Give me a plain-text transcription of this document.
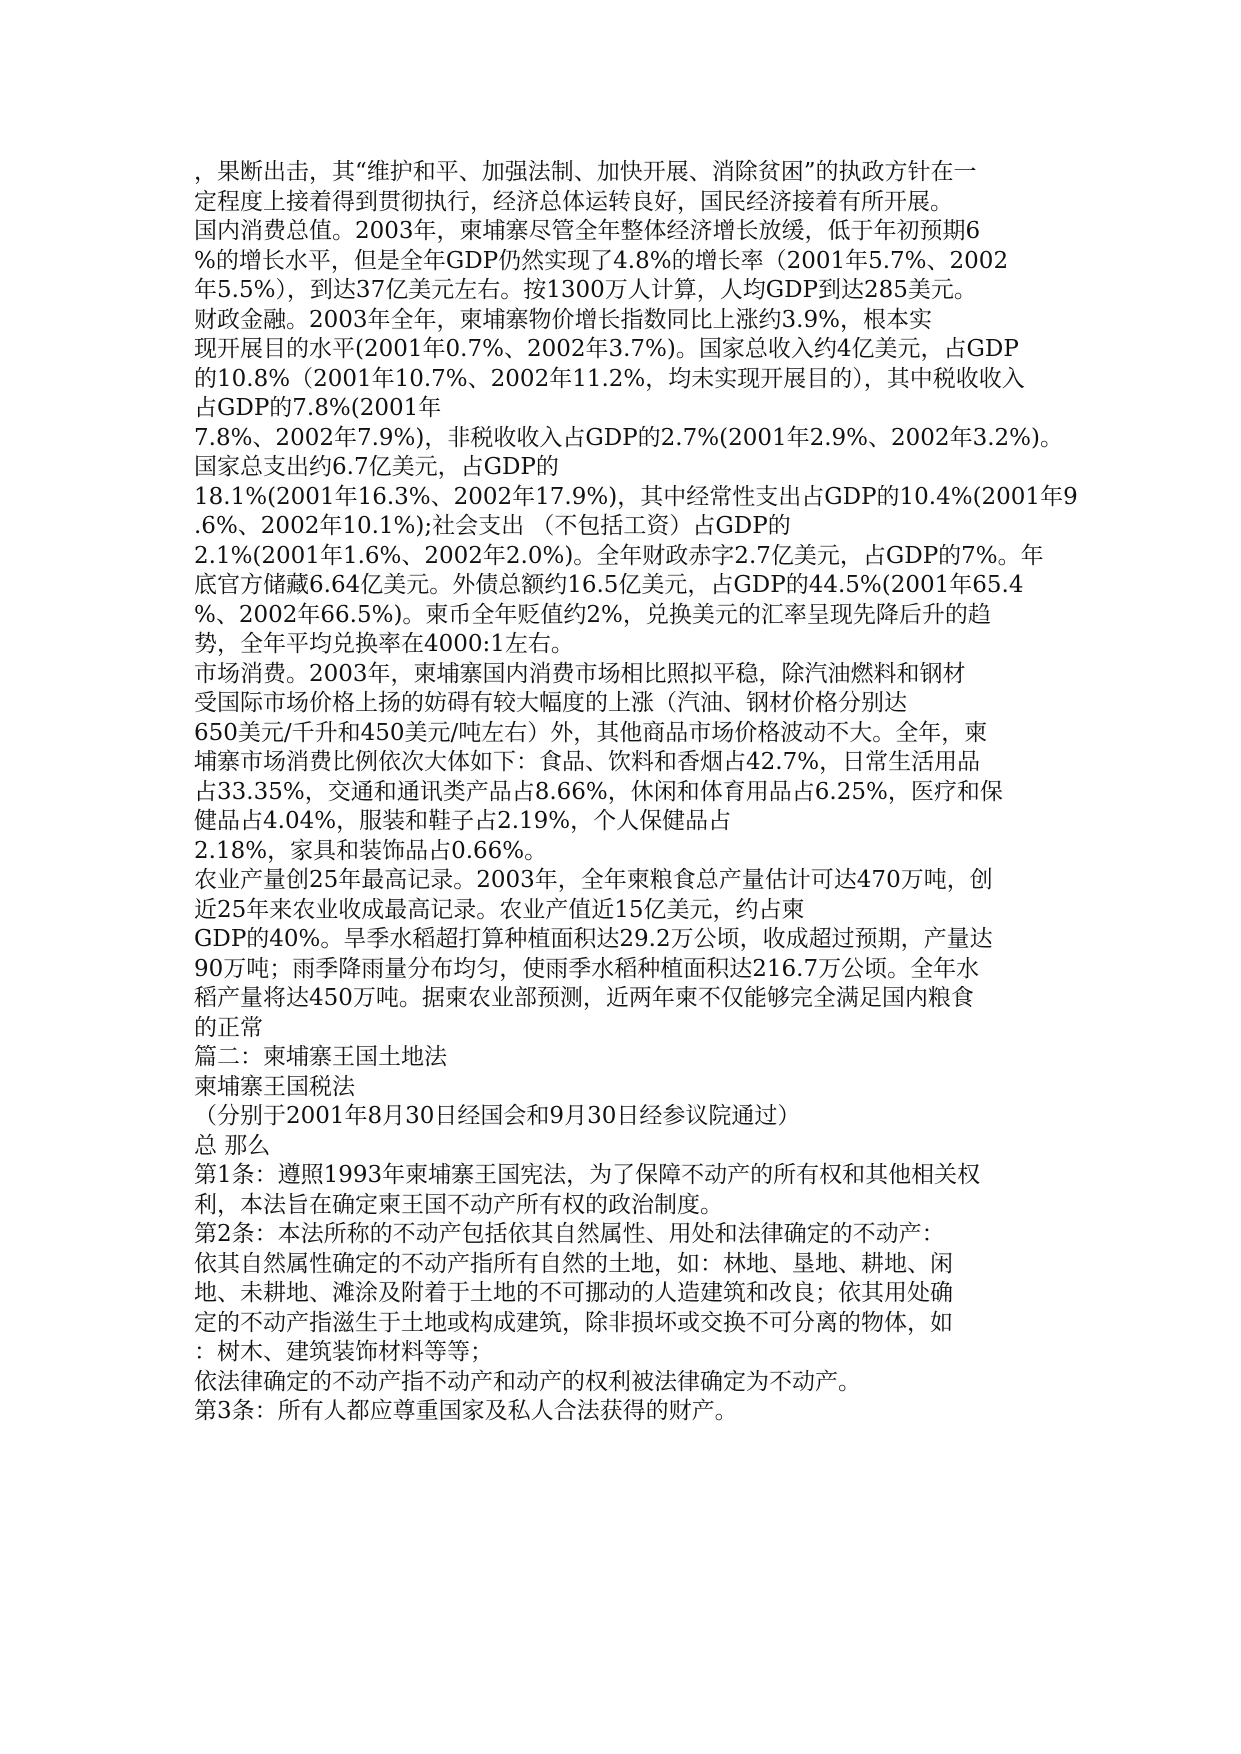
，果断出击，其“维护和平、加强法制、加快开展、消除贫困”的执政方针在一
定程度上接着得到贯彻执行，经济总体运转良好，国民经济接着有所开展。
国内消费总值。2003年，柬埔寨尽管全年整体经济增长放缓，低于年初预期6
%的增长水平，但是全年GDP仍然实现了4.8%的增长率（2001年5.7%、2002
年5.5%），到达37亿美元左右。按1300万人计算，人均GDP到达285美元。
财政金融。2003年全年，柬埔寨物价增长指数同比上涨约3.9%，根本实
现开展目的水平(2001年0.7%、2002年3.7%)。国家总收入约4亿美元，占GDP
的10.8%（2001年10.7%、2002年11.2%，均未实现开展目的），其中税收收入
占GDP的7.8%(2001年
7.8%、2002年7.9%)，非税收收入占GDP的2.7%(2001年2.9%、2002年3.2%)。
国家总支出约6.7亿美元，占GDP的
18.1%(2001年16.3%、2002年17.9%)，其中经常性支出占GDP的10.4%(2001年9
.6%、2002年10.1%);社会支出 （不包括工资）占GDP的
2.1%(2001年1.6%、2002年2.0%)。全年财政赤字2.7亿美元，占GDP的7%。年
底官方储藏6.64亿美元。外债总额约16.5亿美元，占GDP的44.5%(2001年65.4
%、2002年66.5%)。柬币全年贬值约2%，兑换美元的汇率呈现先降后升的趋
势，全年平均兑换率在4000:1左右。
市场消费。2003年，柬埔寨国内消费市场相比照拟平稳，除汽油燃料和钢材
受国际市场价格上扬的妨碍有较大幅度的上涨（汽油、钢材价格分别达
650美元/千升和450美元/吨左右）外，其他商品市场价格波动不大。全年，柬
埔寨市场消费比例依次大体如下：食品、饮料和香烟占42.7%，日常生活用品
占33.35%，交通和通讯类产品占8.66%，休闲和体育用品占6.25%，医疗和保
健品占4.04%，服装和鞋子占2.19%，个人保健品占
2.18%，家具和装饰品占0.66%。
农业产量创25年最高记录。2003年，全年柬粮食总产量估计可达470万吨，创
近25年来农业收成最高记录。农业产值近15亿美元，约占柬
GDP的40%。旱季水稻超打算种植面积达29.2万公顷，收成超过预期，产量达
90万吨；雨季降雨量分布均匀，使雨季水稻种植面积达216.7万公顷。全年水
稻产量将达450万吨。据柬农业部预测，近两年柬不仅能够完全满足国内粮食
的正常
篇二：柬埔寨王国土地法
柬埔寨王国税法
（分别于2001年8月30日经国会和9月30日经参议院通过）
总 那么
第1条：遵照1993年柬埔寨王国宪法，为了保障不动产的所有权和其他相关权
利，本法旨在确定柬王国不动产所有权的政治制度。
第2条：本法所称的不动产包括依其自然属性、用处和法律确定的不动产：
依其自然属性确定的不动产指所有自然的土地，如：林地、垦地、耕地、闲
地、未耕地、滩涂及附着于土地的不可挪动的人造建筑和改良；依其用处确
定的不动产指滋生于土地或构成建筑，除非损坏或交换不可分离的物体，如
：树木、建筑装饰材料等等；
依法律确定的不动产指不动产和动产的权利被法律确定为不动产。
第3条：所有人都应尊重国家及私人合法获得的财产。
